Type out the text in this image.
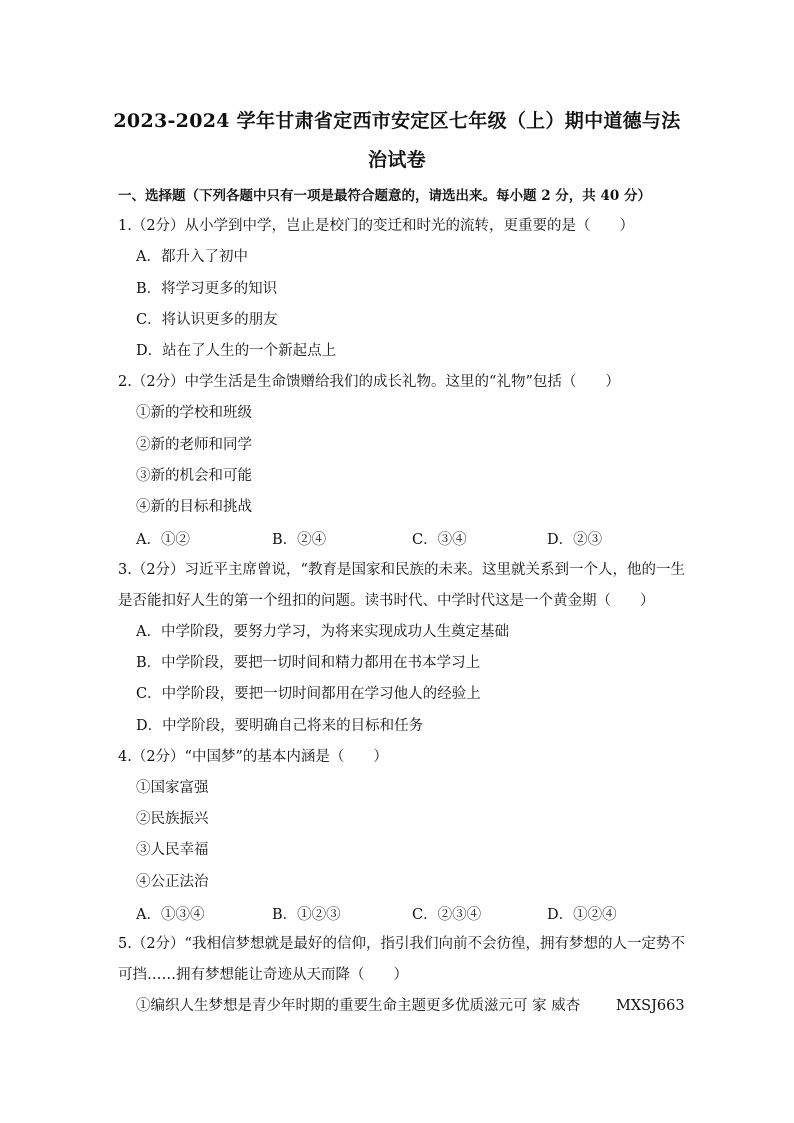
2023-2024 学年甘肃省定西市安定区七年级（上）期中道德与法
治试卷
一、选择题（下列各题中只有一项是最符合题意的，请选出来。每小题 2 分，共 40 分）
1.（2分）从小学到中学，岂止是校门的变迁和时光的流转，更重要的是（　　）
A．都升入了初中
B．将学习更多的知识
C．将认识更多的朋友
D．站在了人生的一个新起点上
2.（2分）中学生活是生命馈赠给我们的成长礼物。这里的“礼物”包括（　　）
①新的学校和班级
②新的老师和同学
③新的机会和可能
④新的目标和挑战
A．①②	B．②④	C．③④	D．②③
3.（2分）习近平主席曾说，“教育是国家和民族的未来。这里就关系到一个人，他的一生
是否能扣好人生的第一个纽扣的问题。读书时代、中学时代这是一个黄金期（　　）
A．中学阶段，要努力学习，为将来实现成功人生奠定基础
B．中学阶段，要把一切时间和精力都用在书本学习上
C．中学阶段，要把一切时间都用在学习他人的经验上
D．中学阶段，要明确自己将来的目标和任务
4.（2分）“中国梦”的基本内涵是（　　）
①国家富强
②民族振兴
③人民幸福
④公正法治
A．①③④	B．①②③	C．②③④	D．①②④
5.（2分）“我相信梦想就是最好的信仰，指引我们向前不会彷徨，拥有梦想的人一定势不
可挡……拥有梦想能让奇迹从天而降（　　）
①编织人生梦想是青少年时期的重要生命主题更多优质滋元可 家 威杏	MXSJ663
